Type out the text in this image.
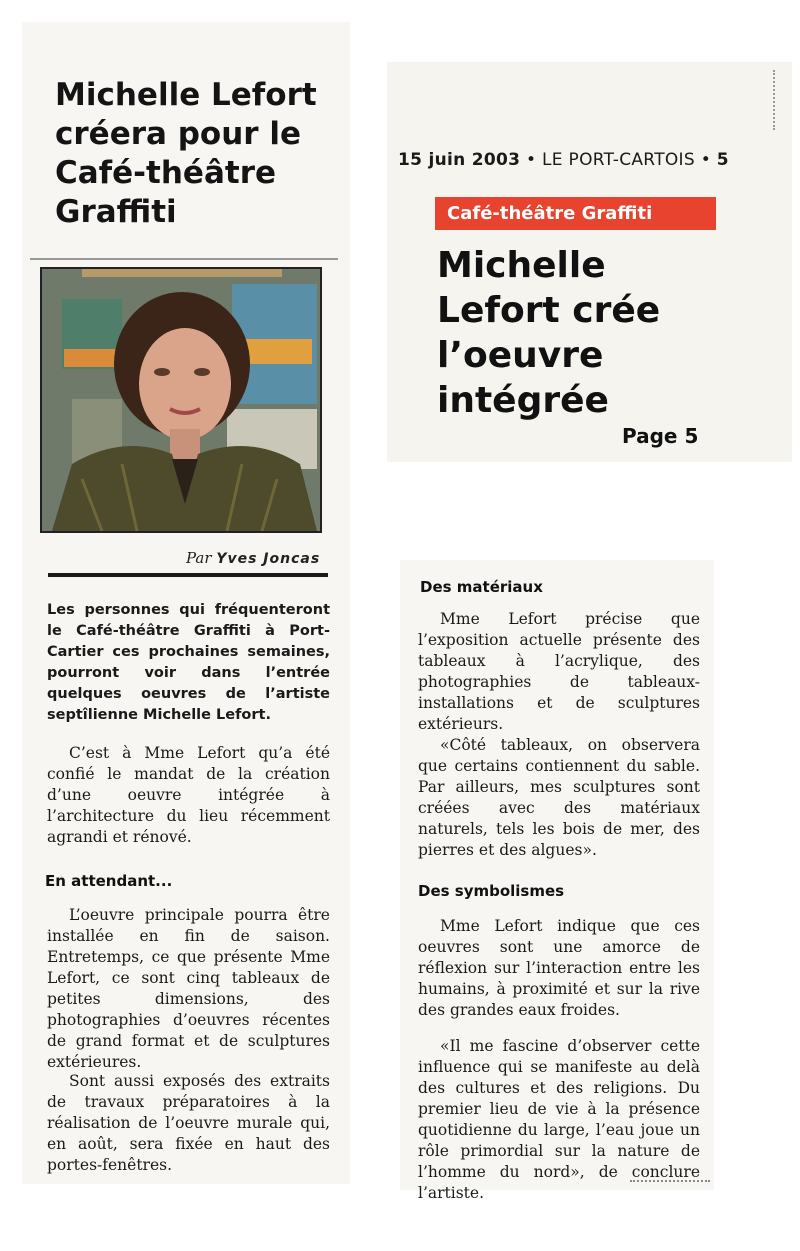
Michelle Lefort créera pour le Café-théâtre Graffiti
Par Yves Joncas

Les personnes qui fréquenteront le Café-théâtre Graffiti à Port-Cartier ces prochaines semaines, pourront voir dans l’entrée quelques oeuvres de l’artiste septîlienne Michelle Lefort.

C’est à Mme Lefort qu’a été confié le mandat de la création d’une oeuvre intégrée à l’architecture du lieu récemment agrandi et rénové.

En attendant...

L’oeuvre principale pourra être installée en fin de saison. Entretemps, ce que présente Mme Lefort, ce sont cinq tableaux de petites dimensions, des photographies d’oeuvres récentes de grand format et de sculptures extérieures.

Sont aussi exposés des extraits de travaux préparatoires à la réalisation de l’oeuvre murale qui, en août, sera fixée en haut des portes-fenêtres.

15 juin 2003 • LE PORT-CARTOIS • 5
Café-théâtre Graffiti
Michelle Lefort crée l’oeuvre intégrée
Page 5
Des matériaux

Mme Lefort précise que l’exposition actuelle présente des tableaux à l’acrylique, des photographies de tableaux-installations et de sculptures extérieurs.

«Côté tableaux, on observera que certains contiennent du sable. Par ailleurs, mes sculptures sont créées avec des matériaux naturels, tels les bois de mer, des pierres et des algues».

Des symbolismes

Mme Lefort indique que ces oeuvres sont une amorce de réflexion sur l’interaction entre les humains, à proximité et sur la rive des grandes eaux froides.

«Il me fascine d’observer cette influence qui se manifeste au delà des cultures et des religions. Du premier lieu de vie à la présence quotidienne du large, l’eau joue un rôle primordial sur la nature de l’homme du nord», de conclure l’artiste.
